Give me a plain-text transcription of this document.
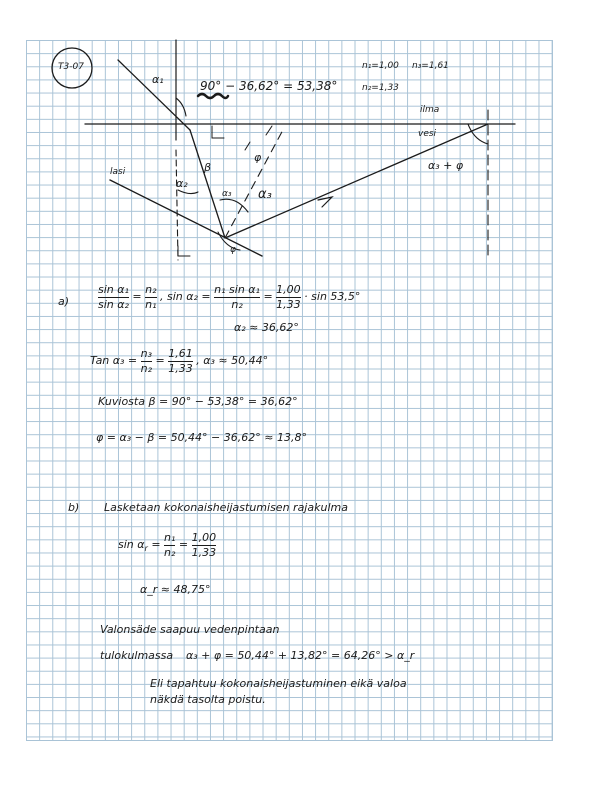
T3-07
90° − 36,62° = 53,38°
n₁=1,00 n₃=1,61
n₂=1,33
α₁
α₂
β
φ
α₃ α₃
φ
lasi
ilma
vesi
α₃ + φ
a)	$\frac{\text{sin α₁}}{\text{sin α₂}} = \frac{\text{n₂}}{\text{n₁}}$ , $\sin \alpha_2 = \frac{\text{n₁ sin α₁}}{\text{n₂}} = \frac{1,00}{1,33} \cdot \sin 53,5^\circ$
α₂ ≈ 36,62°
Tan $\alpha_3 = \frac{\text{n₃}}{\text{n₂}} = \frac{1,61}{1,33}$ , α₃ ≈ 50,44°
Kuviosta β = 90° − 53,38° = 36,62°
φ = α₃ − β = 50,44° − 36,62° ≈ 13,8°
b) Lasketaan kokonaisheijastumisen rajakulma
$\sin \alpha_r = \frac{\text{n₁}}{\text{n₂}} = \frac{1,00}{1,33}$
α_r ≈ 48,75°
Valonsäde saapuu vedenpintaan
tulokulmassa α₃ + φ = 50,44° + 13,82° = 64,26° > α_r
Eli tapahtuu kokonaisheijastuminen eikä valoa
näkdä tasolta poistu.
